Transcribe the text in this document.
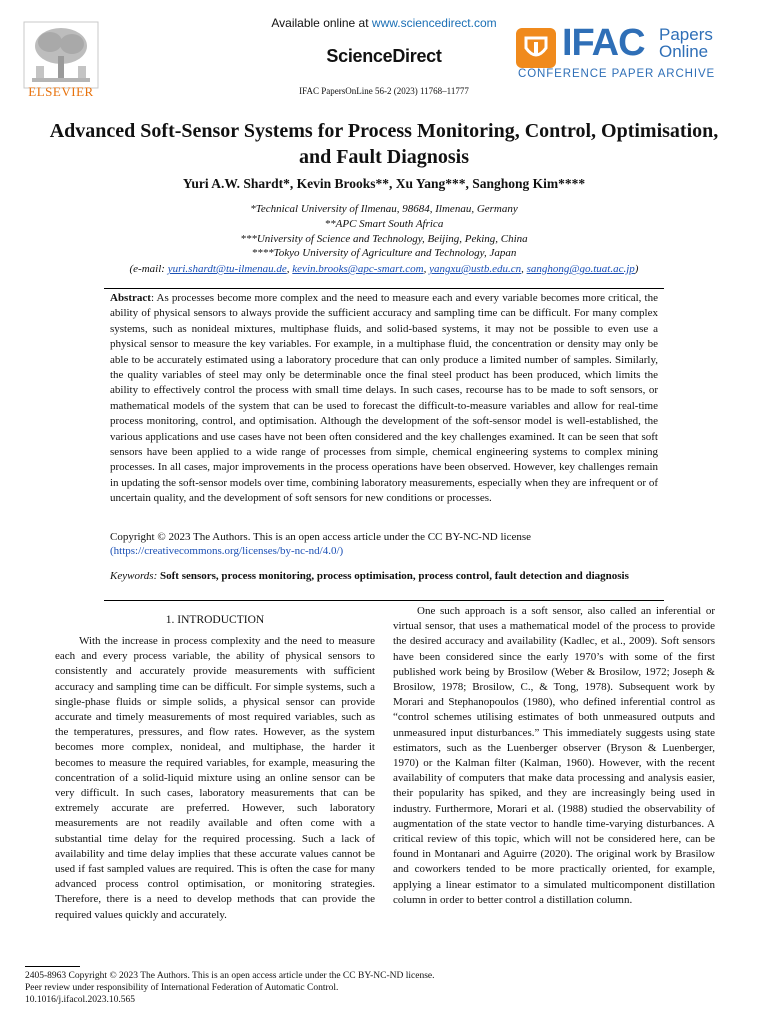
ELSEVIER
Available online at www.sciencedirect.com
ScienceDirect
IFAC PapersOnLine 56-2 (2023) 11768–11777
IFAC Papers
Online
CONFERENCE PAPER ARCHIVE
Advanced Soft-Sensor Systems for Process Monitoring, Control, Optimisation, and Fault Diagnosis
Yuri A.W. Shardt*, Kevin Brooks**, Xu Yang***, Sanghong Kim****
*Technical University of Ilmenau, 98684, Ilmenau, Germany
**APC Smart South Africa
***University of Science and Technology, Beijing, Peking, China
****Tokyo University of Agriculture and Technology, Japan
(e-mail: yuri.shardt@tu-ilmenau.de, kevin.brooks@apc-smart.com, yangxu@ustb.edu.cn, sanghong@go.tuat.ac.jp)
Abstract: As processes become more complex and the need to measure each and every variable becomes more critical, the ability of physical sensors to always provide the sufficient accuracy and sampling time can be difficult. For many complex systems, such as nonideal mixtures, multiphase fluids, and solid-based systems, it may not be possible to even use a physical sensor to measure the key variables. For example, in a multiphase fluid, the concentration or density may only be able to be accurately estimated using a laboratory procedure that can only produce a limited number of samples. Similarly, the quality variables of steel may only be determinable once the final steel product has been produced, which limits the ability to effectively control the process with small time delays. In such cases, recourse has to be made to soft sensors, or mathematical models of the system that can be used to forecast the difficult-to-measure variables and allow for real-time process monitoring, control, and optimisation. Although the development of the soft-sensor model is well-established, the various applications and use cases have not been often considered and the key challenges examined. It can be seen that soft sensors have been applied to a wide range of processes from simple, chemical engineering systems to complex mining processes. In all cases, major improvements in the process operations have been observed. However, key challenges remain in updating the soft-sensor models over time, combining laboratory measurements, especially when they are infrequent or of uncertain quality, and the development of soft sensors for new conditions or processes.
Copyright © 2023 The Authors. This is an open access article under the CC BY-NC-ND license
(https://creativecommons.org/licenses/by-nc-nd/4.0/)
Keywords: Soft sensors, process monitoring, process optimisation, process control, fault detection and diagnosis
1. INTRODUCTION

With the increase in process complexity and the need to measure each and every process variable, the ability of physical sensors to consistently and accurately provide measurements with sufficient accuracy and sampling time can be difficult. For simple systems, such a single-phase fluids or simple solids, a physical sensor can provide accurate and timely measurements of most required variables, such as the temperatures, pressures, and flow rates. However, as the system becomes more complex, nonideal, and multiphase, the harder it becomes to measure the required variables, for example, measuring the concentration of a solid-liquid mixture using an online sensor can be very difficult. In such cases, laboratory measurements that can be extremely accurate are preferred. However, such laboratory measurements are not readily available and often come with a substantial time delay for the required processing. Such a lack of availability and time delay implies that these accurate values cannot be used if fast sampled values are required. This is often the case for many advanced process control optimisation, or monitoring strategies. Therefore, there is a need to develop methods that can provide the required values quickly and accurately.

One such approach is a soft sensor, also called an inferential or virtual sensor, that uses a mathematical model of the process to provide the desired accuracy and availability (Kadlec, et al., 2009). Soft sensors have been considered since the early 1970’s with some of the first published work being by Brosilow (Weber & Brosilow, 1972; Joseph & Brosilow, 1978; Brosilow, C., & Tong, 1978). Subsequent work by Morari and Stephanopoulos (1980), who defined inferential control as “control schemes utilising estimates of both unmeasured outputs and unmeasured input disturbances.” This immediately suggests using state estimators, such as the Luenberger observer (Bryson & Luenberger, 1970) or the Kalman filter (Kalman, 1960). However, with the recent availability of computers that make data processing and analysis easier, their popularity has spiked, and they are increasingly being used in industry. Furthermore, Morari et al. (1988) studied the observability of augmentation of the state vector to handle time-varying disturbances. A critical review of this topic, which will not be considered here, can be found in Montanari and Aguirre (2020). The original work by Brasilow and coworkers tended to be more practically oriented, for example, applying a linear estimator to a simulated multicomponent distillation column in order to better control a distillation column.

2405-8963 Copyright © 2023 The Authors. This is an open access article under the CC BY-NC-ND license.
Peer review under responsibility of International Federation of Automatic Control.
10.1016/j.ifacol.2023.10.565
